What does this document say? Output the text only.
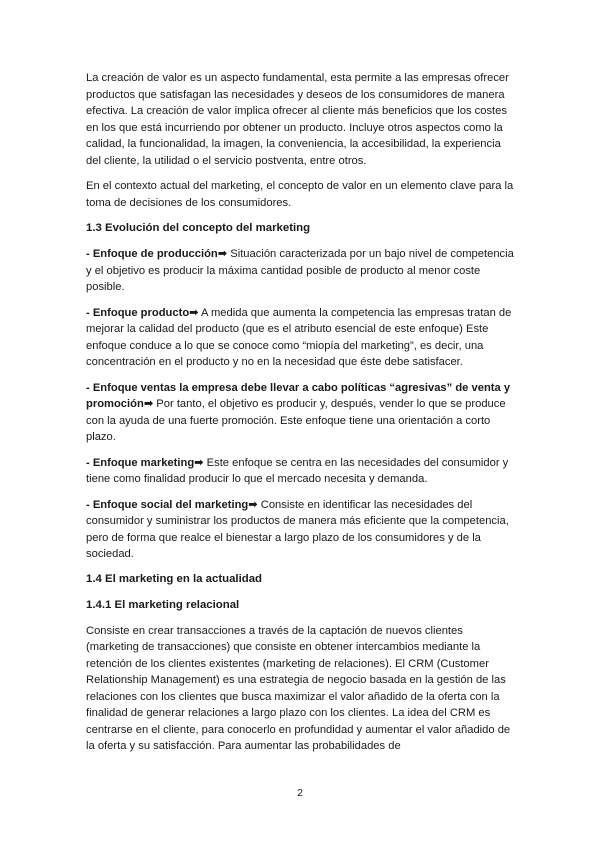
La creación de valor es un aspecto fundamental, esta permite a las empresas ofrecer productos que satisfagan las necesidades y deseos de los consumidores de manera efectiva. La creación de valor implica ofrecer al cliente más beneficios que los costes en los que está incurriendo por obtener un producto. Incluye otros aspectos como la calidad, la funcionalidad, la imagen, la conveniencia, la accesibilidad, la experiencia del cliente, la utilidad o el servicio postventa, entre otros.

En el contexto actual del marketing, el concepto de valor en un elemento clave para la toma de decisiones de los consumidores.

1.3 Evolución del concepto del marketing

- Enfoque de producción➡ Situación caracterizada por un bajo nivel de competencia y el objetivo es producir la máxima cantidad posible de producto al menor coste posible.

- Enfoque producto➡ A medida que aumenta la competencia las empresas tratan de mejorar la calidad del producto (que es el atributo esencial de este enfoque) Este enfoque conduce a lo que se conoce como “miopía del marketing”, es decir, una concentración en el producto y no en la necesidad que éste debe satisfacer.

- Enfoque ventas la empresa debe llevar a cabo políticas “agresivas” de venta y promoción➡ Por tanto, el objetivo es producir y, después, vender lo que se produce con la ayuda de una fuerte promoción. Este enfoque tiene una orientación a corto plazo.

- Enfoque marketing➡ Este enfoque se centra en las necesidades del consumidor y tiene como finalidad producir lo que el mercado necesita y demanda.

- Enfoque social del marketing➡ Consiste en identificar las necesidades del consumidor y suministrar los productos de manera más eficiente que la competencia, pero de forma que realce el bienestar a largo plazo de los consumidores y de la sociedad.

1.4 El marketing en la actualidad
1.4.1 El marketing relacional

Consiste en crear transacciones a través de la captación de nuevos clientes (marketing de transacciones) que consiste en obtener intercambios mediante la retención de los clientes existentes (marketing de relaciones). El CRM (Customer Relationship Management) es una estrategia de negocio basada en la gestión de las relaciones con los clientes que busca maximizar el valor añadido de la oferta con la finalidad de generar relaciones a largo plazo con los clientes. La idea del CRM es centrarse en el cliente, para conocerlo en profundidad y aumentar el valor añadido de la oferta y su satisfacción. Para aumentar las probabilidades de

2
